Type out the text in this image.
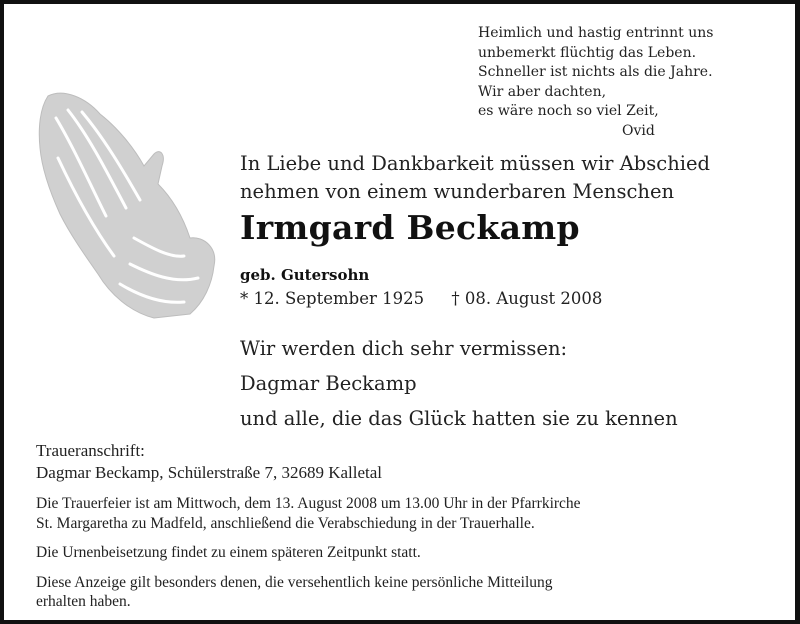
Heimlich und hastig entrinnt uns
unbemerkt flüchtig das Leben.
Schneller ist nichts als die Jahre.
Wir aber dachten,
es wäre noch so viel Zeit,
Ovid
In Liebe und Dankbarkeit müssen wir Abschied
nehmen von einem wunderbaren Menschen
Irmgard Beckamp
geb. Gutersohn
* 12. September 1925 † 08. August 2008
Wir werden dich sehr vermissen:
Dagmar Beckamp
und alle, die das Glück hatten sie zu kennen
Traueranschrift:
Dagmar Beckamp, Schülerstraße 7, 32689 Kalletal

Die Trauerfeier ist am Mittwoch, dem 13. August 2008 um 13.00 Uhr in der Pfarrkirche
St. Margaretha zu Madfeld, anschließend die Verabschiedung in der Trauerhalle.

Die Urnenbeisetzung findet zu einem späteren Zeitpunkt statt.

Diese Anzeige gilt besonders denen, die versehentlich keine persönliche Mitteilung
erhalten haben.
